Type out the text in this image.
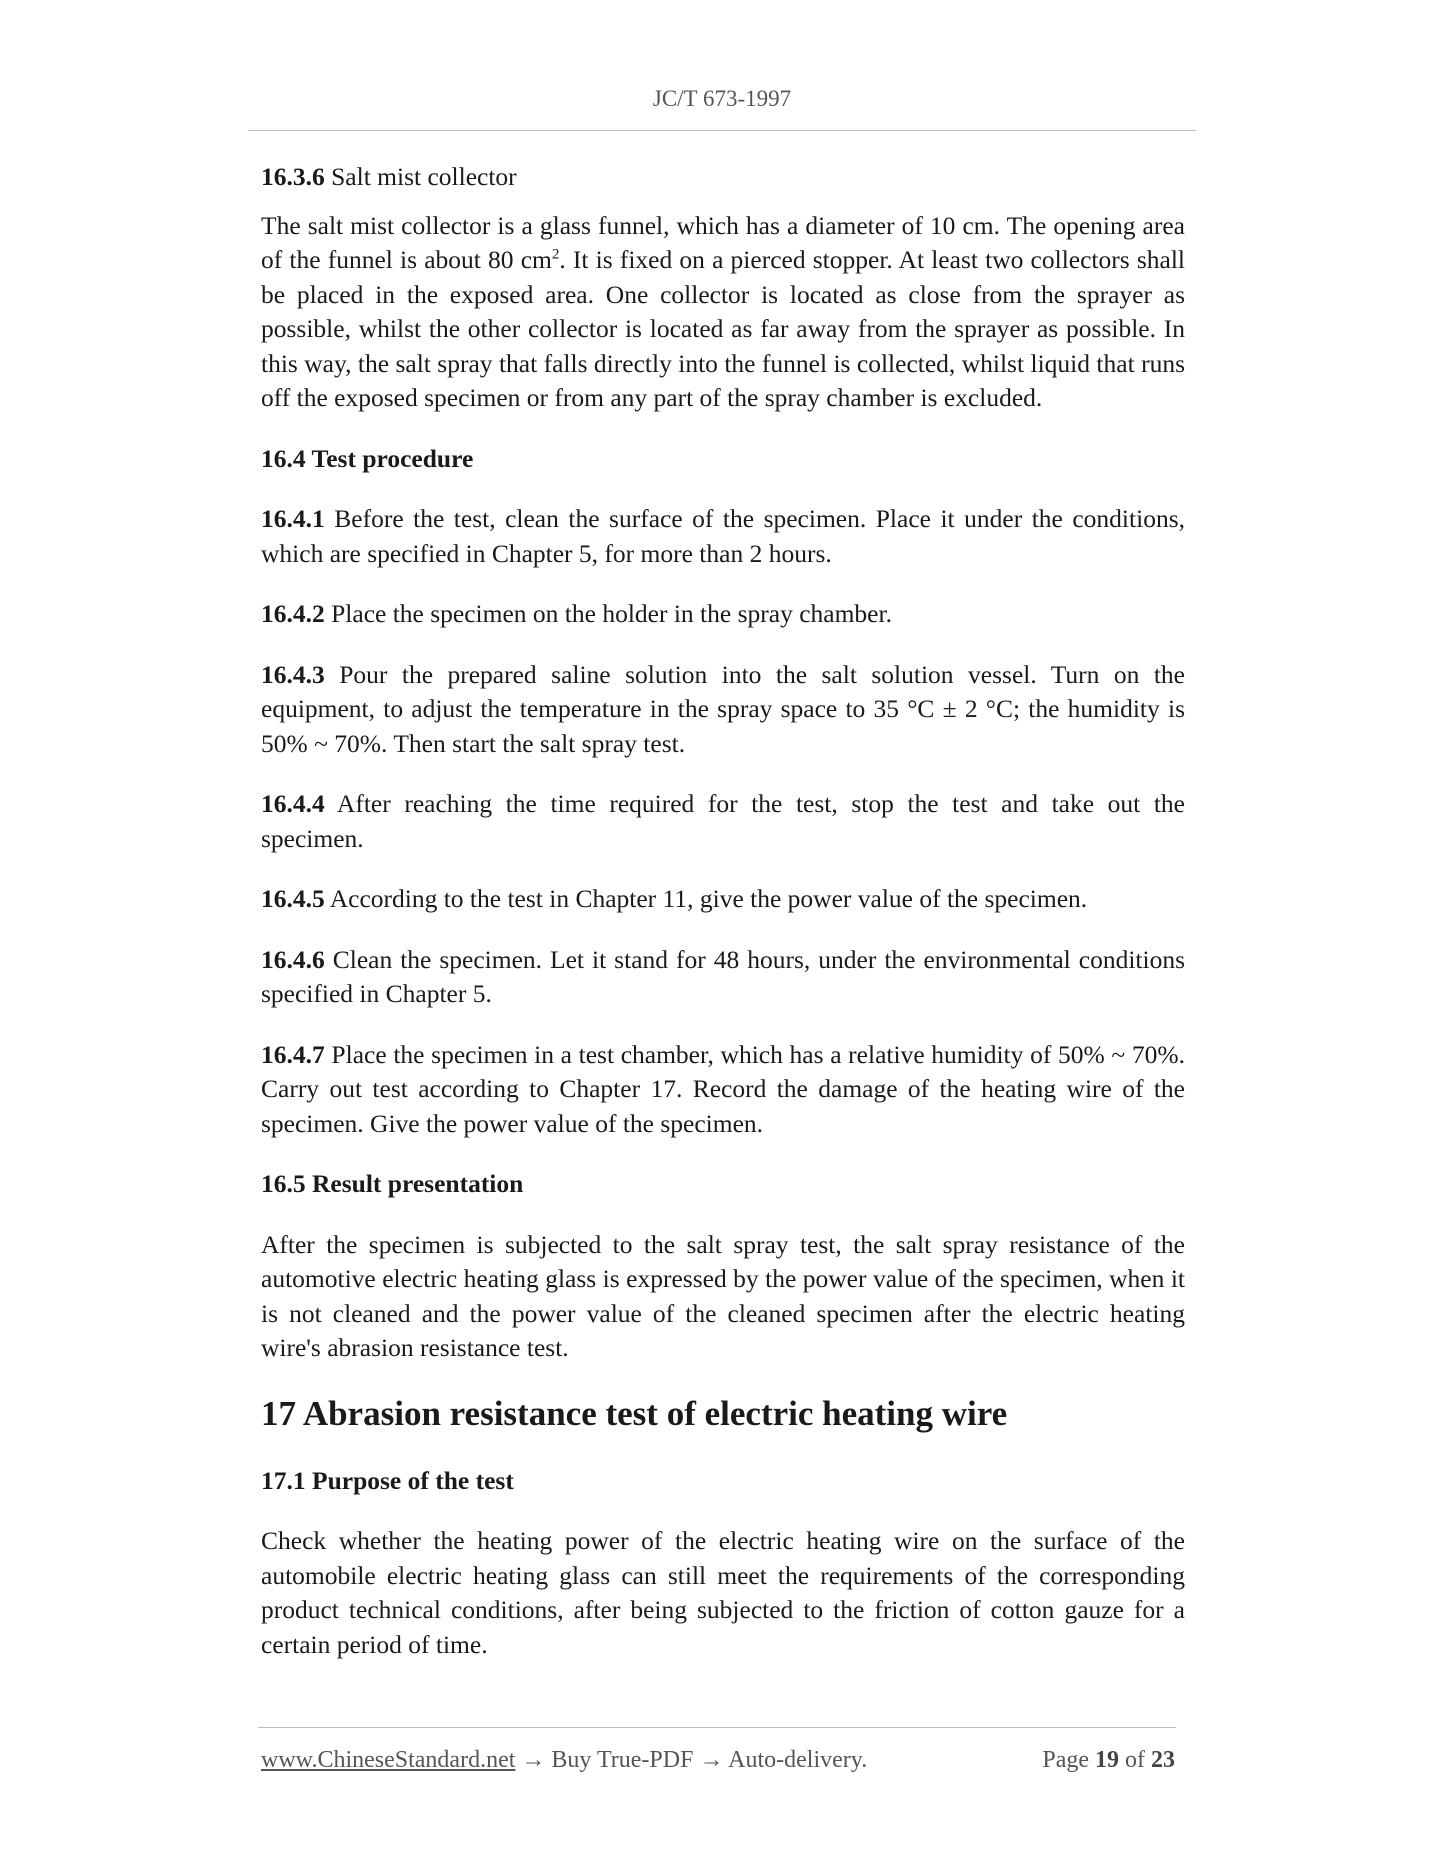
JC/T 673-1997

16.3.6 Salt mist collector

The salt mist collector is a glass funnel, which has a diameter of 10 cm. The opening area of the funnel is about 80 $cm^2$. It is fixed on a pierced stopper. At least two collectors shall be placed in the exposed area. One collector is located as close from the sprayer as possible, whilst the other collector is located as far away from the sprayer as possible. In this way, the salt spray that falls directly into the funnel is collected, whilst liquid that runs off the exposed specimen or from any part of the spray chamber is excluded.

16.4 Test procedure

16.4.1 Before the test, clean the surface of the specimen. Place it under the conditions, which are specified in Chapter 5, for more than 2 hours.

16.4.2 Place the specimen on the holder in the spray chamber.

16.4.3 Pour the prepared saline solution into the salt solution vessel. Turn on the equipment, to adjust the temperature in the spray space to 35 °C ± 2 °C; the humidity is 50% ~ 70%. Then start the salt spray test.

16.4.4 After reaching the time required for the test, stop the test and take out the specimen.

16.4.5 According to the test in Chapter 11, give the power value of the specimen.

16.4.6 Clean the specimen. Let it stand for 48 hours, under the environmental conditions specified in Chapter 5.

16.4.7 Place the specimen in a test chamber, which has a relative humidity of 50% ~ 70%. Carry out test according to Chapter 17. Record the damage of the heating wire of the specimen. Give the power value of the specimen.

16.5 Result presentation

After the specimen is subjected to the salt spray test, the salt spray resistance of the automotive electric heating glass is expressed by the power value of the specimen, when it is not cleaned and the power value of the cleaned specimen after the electric heating wire's abrasion resistance test.

17 Abrasion resistance test of electric heating wire

17.1 Purpose of the test

Check whether the heating power of the electric heating wire on the surface of the automobile electric heating glass can still meet the requirements of the corresponding product technical conditions, after being subjected to the friction of cotton gauze for a certain period of time.

www.ChineseStandard.net → Buy True-PDF → Auto-delivery.	Page 19 of 23
